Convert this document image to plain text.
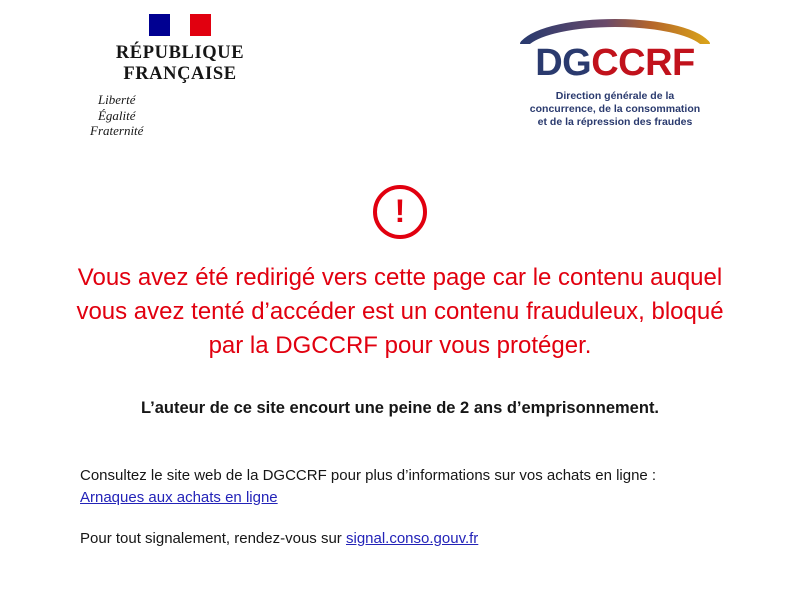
RÉPUBLIQUE
FRANÇAISE
Liberté
Égalité
Fraternité
DGCCRF
Direction générale de la
concurrence, de la consommation
et de la répression des fraudes
!
Vous avez été redirigé vers cette page car le contenu auquel vous avez tenté d’accéder est un contenu frauduleux, bloqué par la DGCCRF pour vous protéger.
L’auteur de ce site encourt une peine de 2 ans d’emprisonnement.

Consultez le site web de la DGCCRF pour plus d’informations sur vos achats en ligne :

Arnaques aux achats en ligne

Pour tout signalement, rendez-vous sur signal.conso.gouv.fr
